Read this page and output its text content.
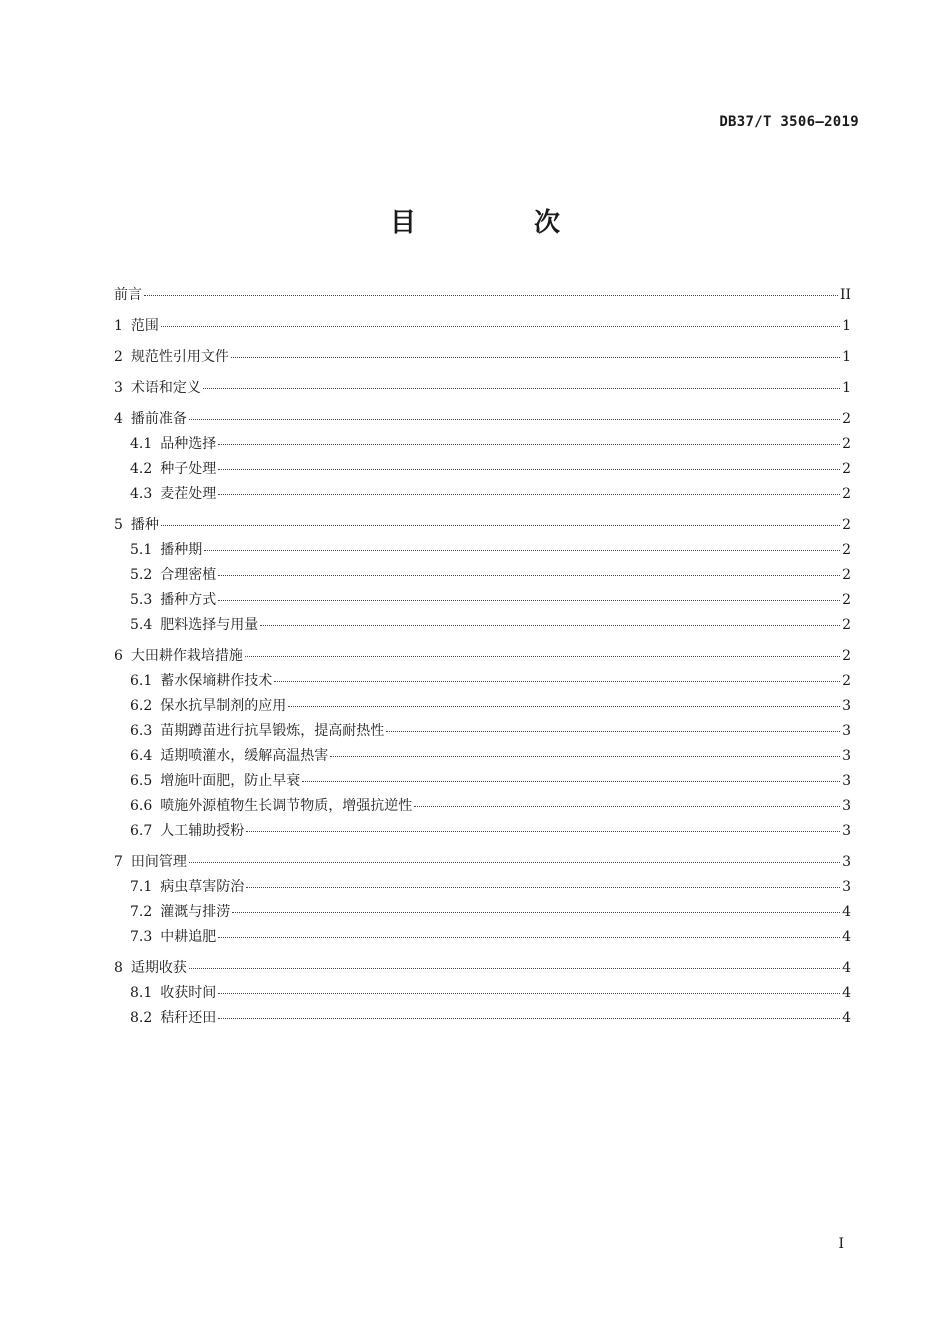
DB37/T 3506—2019
目　次
前言	II
1 范围	1
2 规范性引用文件	1
3 术语和定义	1
4 播前准备	2
4.1 品种选择	2
4.2 种子处理	2
4.3 麦茬处理	2
5 播种	2
5.1 播种期	2
5.2 合理密植	2
5.3 播种方式	2
5.4 肥料选择与用量	2
6 大田耕作栽培措施	2
6.1 蓄水保墒耕作技术	2
6.2 保水抗旱制剂的应用	3
6.3 苗期蹲苗进行抗旱锻炼，提高耐热性	3
6.4 适期喷灌水，缓解高温热害	3
6.5 增施叶面肥，防止早衰	3
6.6 喷施外源植物生长调节物质，增强抗逆性	3
6.7 人工辅助授粉	3
7 田间管理	3
7.1 病虫草害防治	3
7.2 灌溉与排涝	4
7.3 中耕追肥	4
8 适期收获	4
8.1 收获时间	4
8.2 秸秆还田	4
I
